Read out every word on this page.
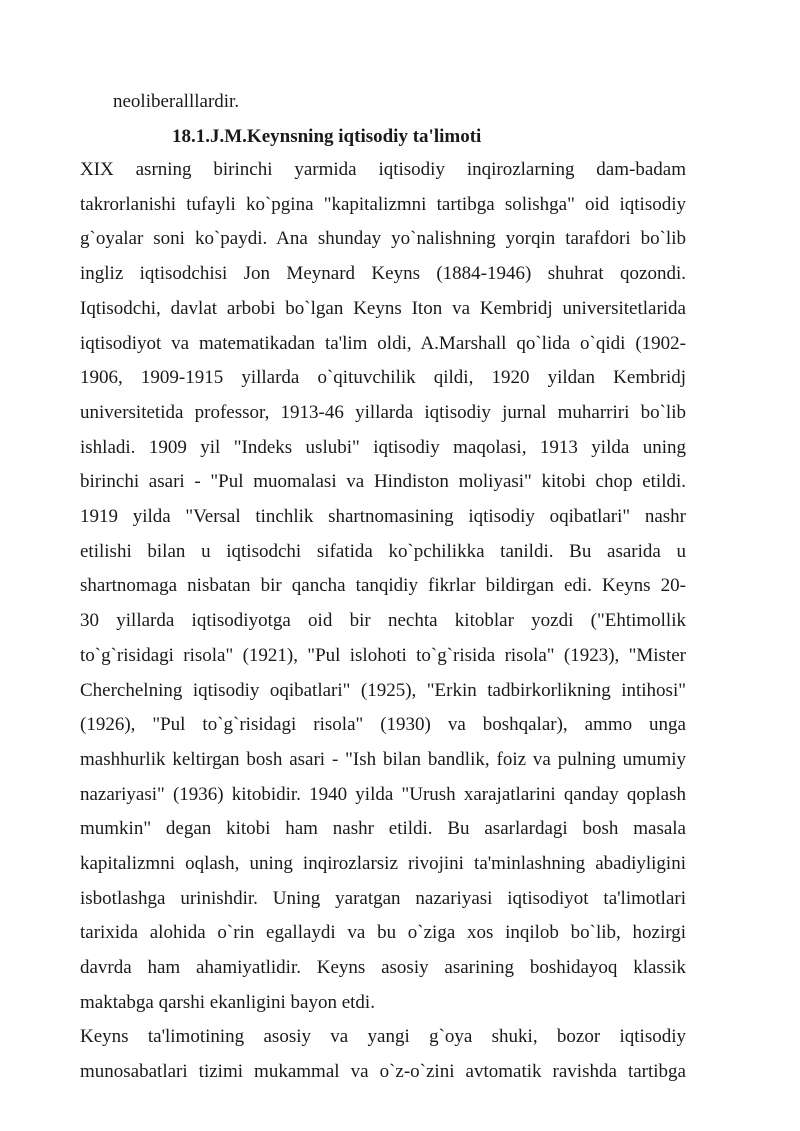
neoliberalllardir.

18.1.J.M.Keynsning iqtisodiy ta'limoti
XIX asrning birinchi yarmida iqtisodiy inqirozlarning dam-badam
takrorlanishi tufayli ko`pgina "kapitalizmni tartibga solishga" oid iqtisodiy
g`oyalar soni ko`paydi. Ana shunday yo`nalishning yorqin tarafdori bo`lib
ingliz iqtisodchisi Jon Meynard Keyns (1884-1946) shuhrat qozondi.
Iqtisodchi, davlat arbobi bo`lgan Keyns Iton va Kembridj universitetlarida
iqtisodiyot va matematikadan ta'lim oldi, A.Marshall qo`lida o`qidi (1902-
1906, 1909-1915 yillarda o`qituvchilik qildi, 1920 yildan Kembridj
universitetida professor, 1913-46 yillarda iqtisodiy jurnal muharriri bo`lib
ishladi. 1909 yil "Indeks uslubi" iqtisodiy maqolasi, 1913 yilda uning
birinchi asari - "Pul muomalasi va Hindiston moliyasi" kitobi chop etildi.
1919 yilda "Versal tinchlik shartnomasining iqtisodiy oqibatlari" nashr
etilishi bilan u iqtisodchi sifatida ko`pchilikka tanildi. Bu asarida u
shartnomaga nisbatan bir qancha tanqidiy fikrlar bildirgan edi. Keyns 20-
30 yillarda iqtisodiyotga oid bir nechta kitoblar yozdi ("Ehtimollik
to`g`risidagi risola" (1921), "Pul islohoti to`g`risida risola" (1923), "Mister
Cherchelning iqtisodiy oqibatlari" (1925), "Erkin tadbirkorlikning intihosi"
(1926), "Pul to`g`risidagi risola" (1930) va boshqalar), ammo unga
mashhurlik keltirgan bosh asari - "Ish bilan bandlik, foiz va pulning umumiy
nazariyasi" (1936) kitobidir. 1940 yilda "Urush xarajatlarini qanday qoplash
mumkin" degan kitobi ham nashr etildi. Bu asarlardagi bosh masala
kapitalizmni oqlash, uning inqirozlarsiz rivojini ta'minlashning abadiyligini
isbotlashga urinishdir. Uning yaratgan nazariyasi iqtisodiyot ta'limotlari
tarixida alohida o`rin egallaydi va bu o`ziga xos inqilob bo`lib, hozirgi
davrda ham ahamiyatlidir. Keyns asosiy asarining boshidayoq klassik
maktabga qarshi ekanligini bayon etdi.
Keyns ta'limotining asosiy va yangi g`oya shuki, bozor iqtisodiy
munosabatlari tizimi mukammal va o`z-o`zini avtomatik ravishda tartibga
